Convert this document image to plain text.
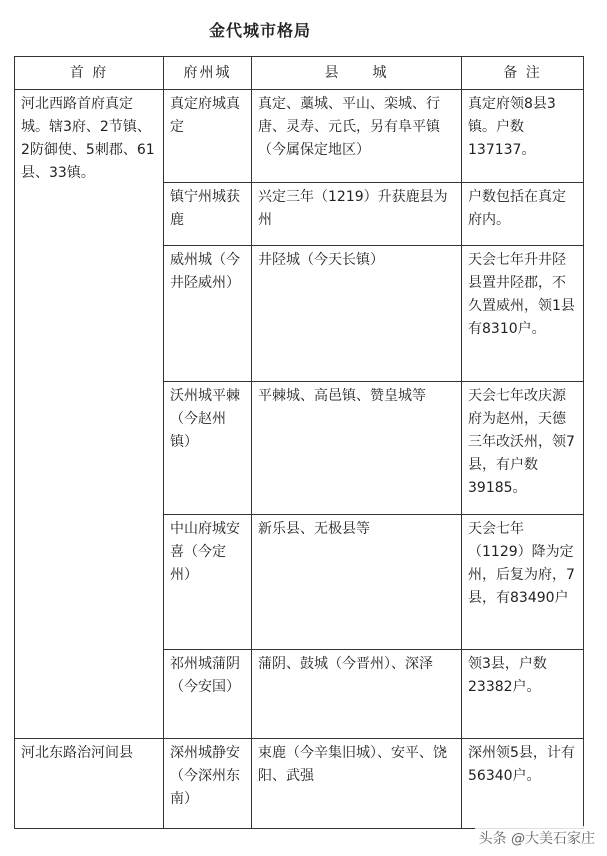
金代城市格局
首 府	府州城	县　　城	备 注
河北西路首府真定城。辖3府、2节镇、2防御使、5刺郡、61县、33镇。	真定府城真定	真定、藁城、平山、栾城、行唐、灵寿、元氏，另有阜平镇（今属保定地区）	真定府领8县3镇。户数137137。
	镇宁州城获鹿	兴定三年（1219）升获鹿县为州	户数包括在真定府内。
	威州城（今井陉威州）	井陉城（今天长镇）	天会七年升井陉县置井陉郡，不久置威州，领1县有8310户。
	沃州城平棘（今赵州镇）	平棘城、高邑镇、赞皇城等	天会七年改庆源府为赵州，天德三年改沃州，领7县，有户数39185。
	中山府城安喜（今定州）	新乐县、无极县等	天会七年（1129）降为定州，后复为府，7县，有83490户
	祁州城蒲阴（今安国）	蒲阴、鼓城（今晋州）、深泽	领3县，户数23382户。
河北东路治河间县	深州城静安（今深州东南）	束鹿（今辛集旧城）、安平、饶阳、武强	深州领5县，计有56340户。
头条 @大美石家庄
